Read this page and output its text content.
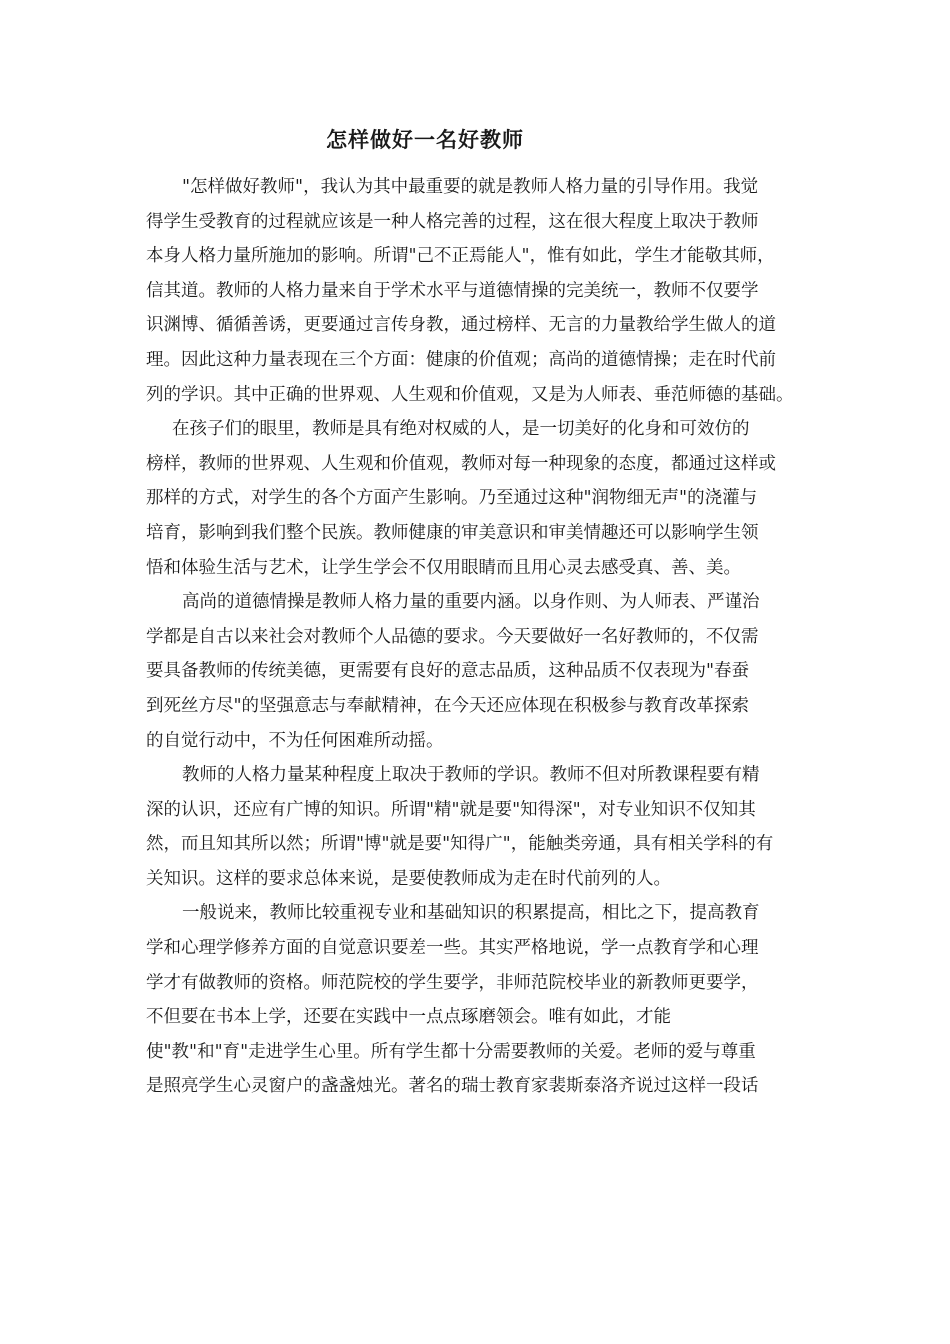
怎样做好一名好教师
"怎样做好教师"，我认为其中最重要的就是教师人格力量的引导作用。我觉
得学生受教育的过程就应该是一种人格完善的过程，这在很大程度上取决于教师
本身人格力量所施加的影响。所谓"己不正焉能人"，惟有如此，学生才能敬其师，
信其道。教师的人格力量来自于学术水平与道德情操的完美统一，教师不仅要学
识渊博、循循善诱，更要通过言传身教，通过榜样、无言的力量教给学生做人的道
理。因此这种力量表现在三个方面：健康的价值观；高尚的道德情操；走在时代前
列的学识。其中正确的世界观、人生观和价值观，又是为人师表、垂范师德的基础。
在孩子们的眼里，教师是具有绝对权威的人，是一切美好的化身和可效仿的
榜样，教师的世界观、人生观和价值观，教师对每一种现象的态度，都通过这样或
那样的方式，对学生的各个方面产生影响。乃至通过这种"润物细无声"的浇灌与
培育，影响到我们整个民族。教师健康的审美意识和审美情趣还可以影响学生领
悟和体验生活与艺术，让学生学会不仅用眼睛而且用心灵去感受真、善、美。
高尚的道德情操是教师人格力量的重要内涵。以身作则、为人师表、严谨治
学都是自古以来社会对教师个人品德的要求。今天要做好一名好教师的，不仅需
要具备教师的传统美德，更需要有良好的意志品质，这种品质不仅表现为"春蚕
到死丝方尽"的坚强意志与奉献精神，在今天还应体现在积极参与教育改革探索
的自觉行动中，不为任何困难所动摇。
教师的人格力量某种程度上取决于教师的学识。教师不但对所教课程要有精
深的认识，还应有广博的知识。所谓"精"就是要"知得深"，对专业知识不仅知其
然，而且知其所以然；所谓"博"就是要"知得广"，能触类旁通，具有相关学科的有
关知识。这样的要求总体来说，是要使教师成为走在时代前列的人。
一般说来，教师比较重视专业和基础知识的积累提高，相比之下，提高教育
学和心理学修养方面的自觉意识要差一些。其实严格地说，学一点教育学和心理
学才有做教师的资格。师范院校的学生要学，非师范院校毕业的新教师更要学，
不但要在书本上学，还要在实践中一点点琢磨领会。唯有如此，才能
使"教"和"育"走进学生心里。所有学生都十分需要教师的关爱。老师的爱与尊重
是照亮学生心灵窗户的盏盏烛光。著名的瑞士教育家裴斯泰洛齐说过这样一段话
